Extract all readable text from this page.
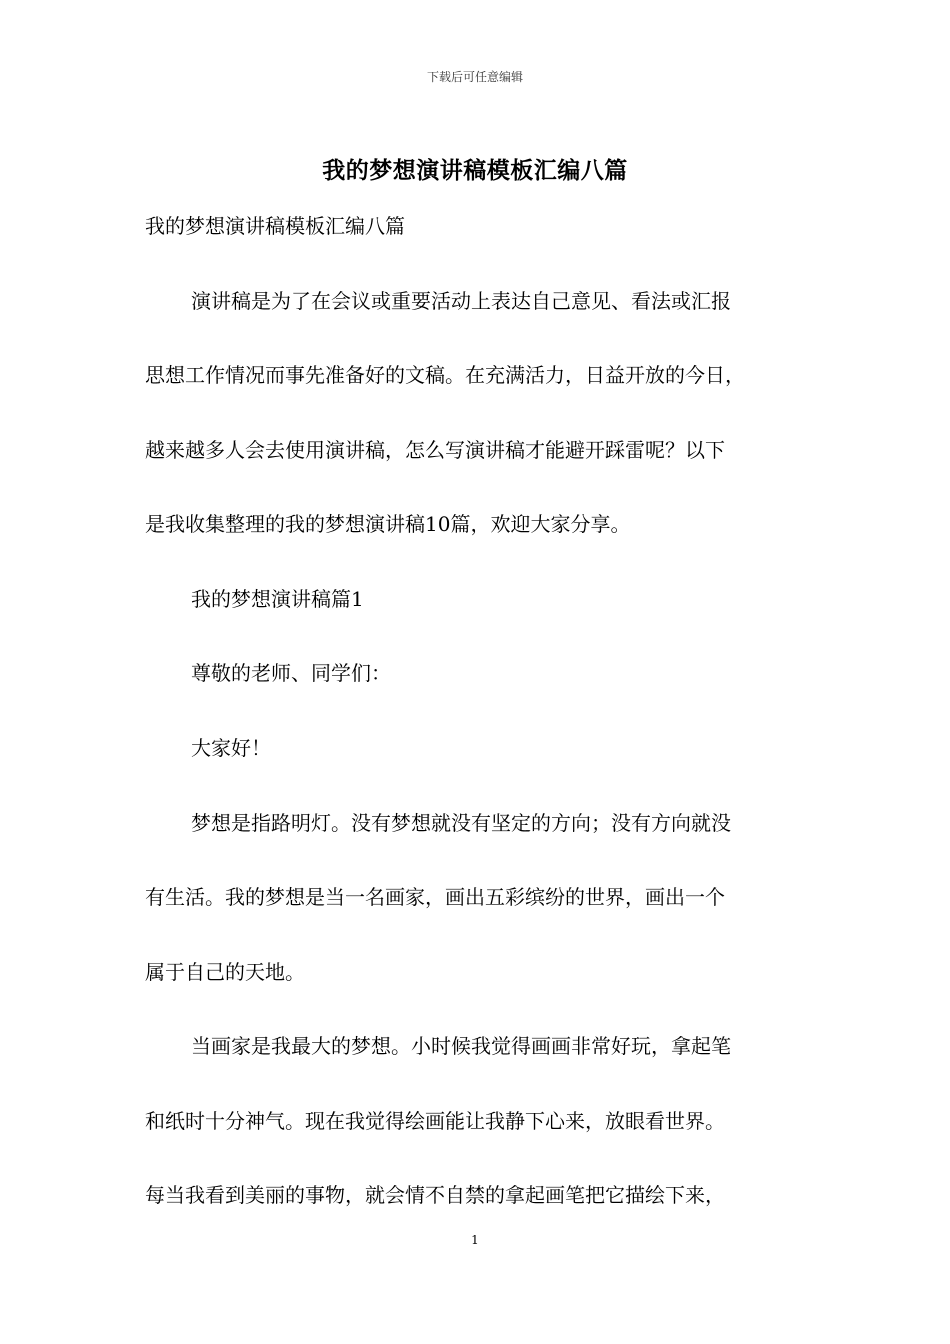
下载后可任意编辑
我的梦想演讲稿模板汇编八篇
我的梦想演讲稿模板汇编八篇
演讲稿是为了在会议或重要活动上表达自己意见、看法或汇报
思想工作情况而事先准备好的文稿。在充满活力，日益开放的今日，
越来越多人会去使用演讲稿，怎么写演讲稿才能避开踩雷呢？以下
是我收集整理的我的梦想演讲稿10篇，欢迎大家分享。
我的梦想演讲稿篇1
尊敬的老师、同学们：
大家好！
梦想是指路明灯。没有梦想就没有坚定的方向；没有方向就没
有生活。我的梦想是当一名画家，画出五彩缤纷的世界，画出一个
属于自己的天地。
当画家是我最大的梦想。小时候我觉得画画非常好玩，拿起笔
和纸时十分神气。现在我觉得绘画能让我静下心来，放眼看世界。
每当我看到美丽的事物，就会情不自禁的拿起画笔把它描绘下来，
1
